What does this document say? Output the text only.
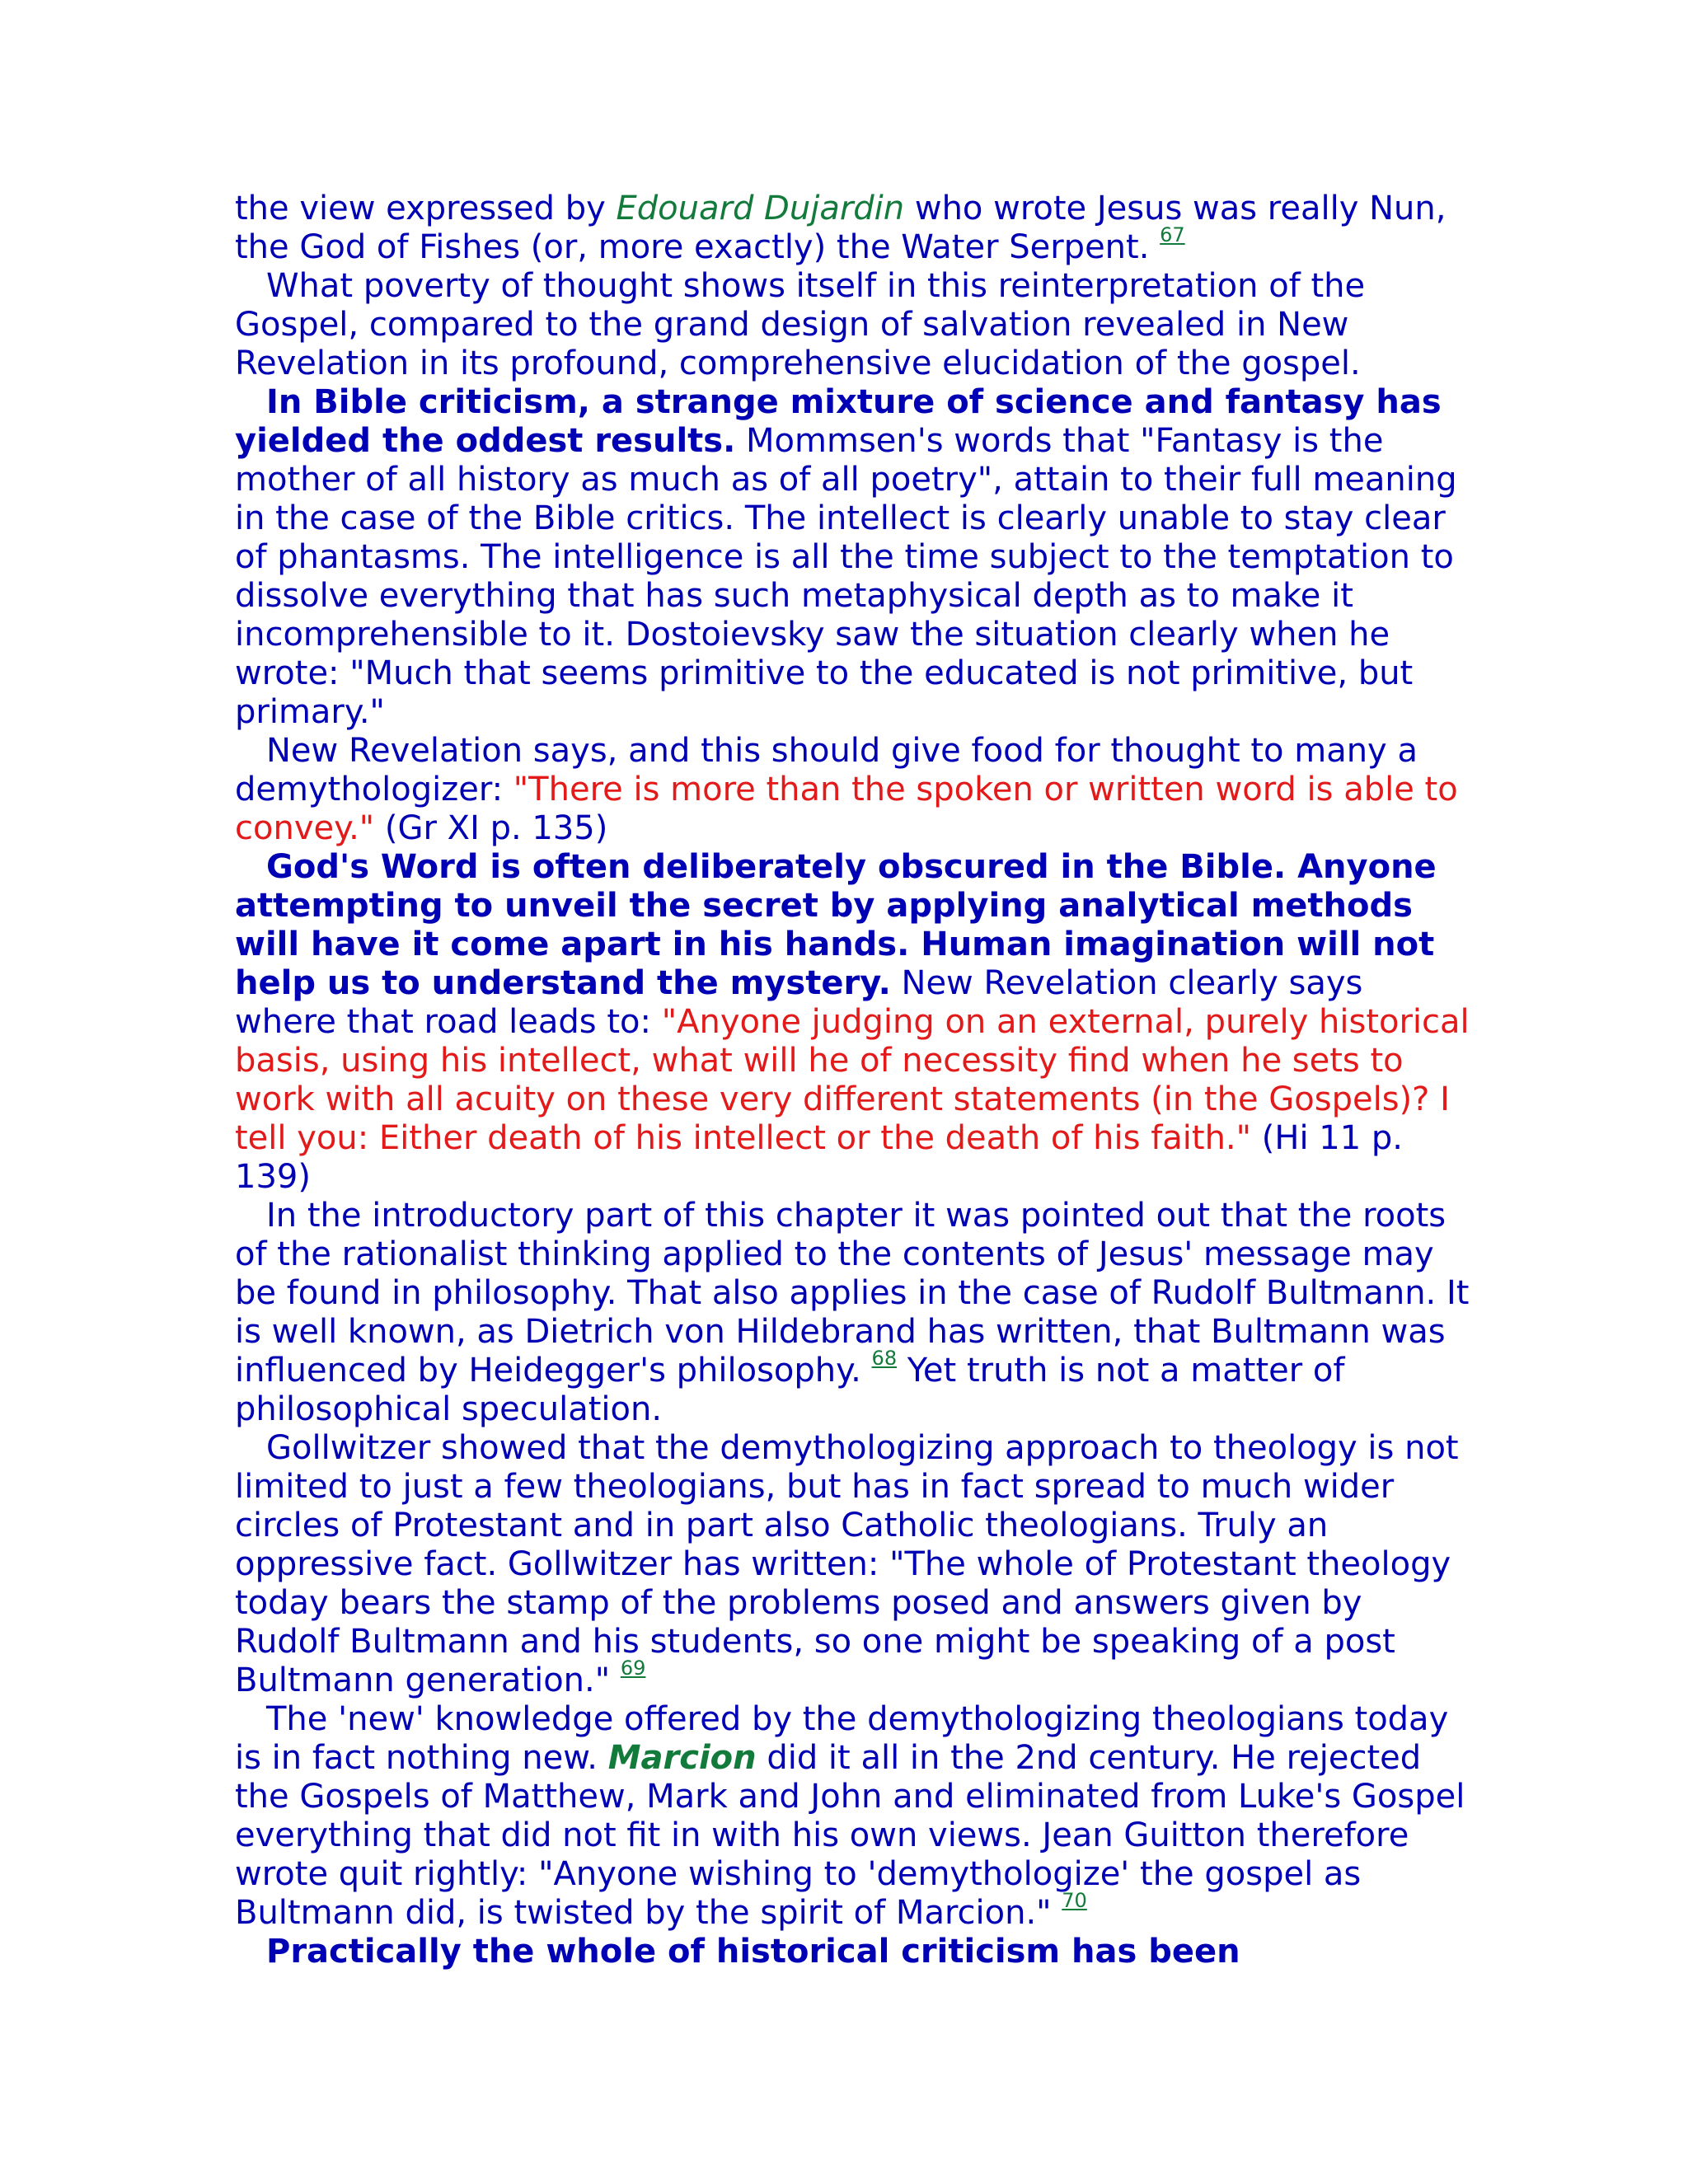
the view expressed by Edouard Dujardin who wrote Jesus was really Nun, the God of Fishes (or, more exactly) the Water Serpent. $^{67}$

What poverty of thought shows itself in this reinterpretation of the Gospel, compared to the grand design of salvation revealed in New Revelation in its profound, comprehensive elucidation of the gospel.

In Bible criticism, a strange mixture of science and fantasy has yielded the oddest results. Mommsen's words that "Fantasy is the mother of all history as much as of all poetry", attain to their full meaning in the case of the Bible critics. The intellect is clearly unable to stay clear of phantasms. The intelligence is all the time subject to the temptation to dissolve everything that has such metaphysical depth as to make it incomprehensible to it. Dostoievsky saw the situation clearly when he wrote: "Much that seems primitive to the educated is not primitive, but primary."

New Revelation says, and this should give food for thought to many a demythologizer: "There is more than the spoken or written word is able to convey." (Gr XI p. 135)

God's Word is often deliberately obscured in the Bible. Anyone attempting to unveil the secret by applying analytical methods will have it come apart in his hands. Human imagination will not help us to understand the mystery. New Revelation clearly says where that road leads to: "Anyone judging on an external, purely historical basis, using his intellect, what will he of necessity find when he sets to work with all acuity on these very different statements (in the Gospels)? I tell you: Either death of his intellect or the death of his faith." (Hi 11 p. 139)

In the introductory part of this chapter it was pointed out that the roots of the rationalist thinking applied to the contents of Jesus' message may be found in philosophy. That also applies in the case of Rudolf Bultmann. It is well known, as Dietrich von Hildebrand has written, that Bultmann was influenced by Heidegger's philosophy. $^{68}$ Yet truth is not a matter of philosophical speculation.

Gollwitzer showed that the demythologizing approach to theology is not limited to just a few theologians, but has in fact spread to much wider circles of Protestant and in part also Catholic theologians. Truly an oppressive fact. Gollwitzer has written: "The whole of Protestant theology today bears the stamp of the problems posed and answers given by Rudolf Bultmann and his students, so one might be speaking of a post Bultmann generation." $^{69}$

The 'new' knowledge offered by the demythologizing theologians today is in fact nothing new. Marcion did it all in the 2nd century. He rejected the Gospels of Matthew, Mark and John and eliminated from Luke's Gospel everything that did not fit in with his own views. Jean Guitton therefore wrote quit rightly: "Anyone wishing to 'demythologize' the gospel as Bultmann did, is twisted by the spirit of Marcion." $^{70}$

Practically the whole of historical criticism has been
